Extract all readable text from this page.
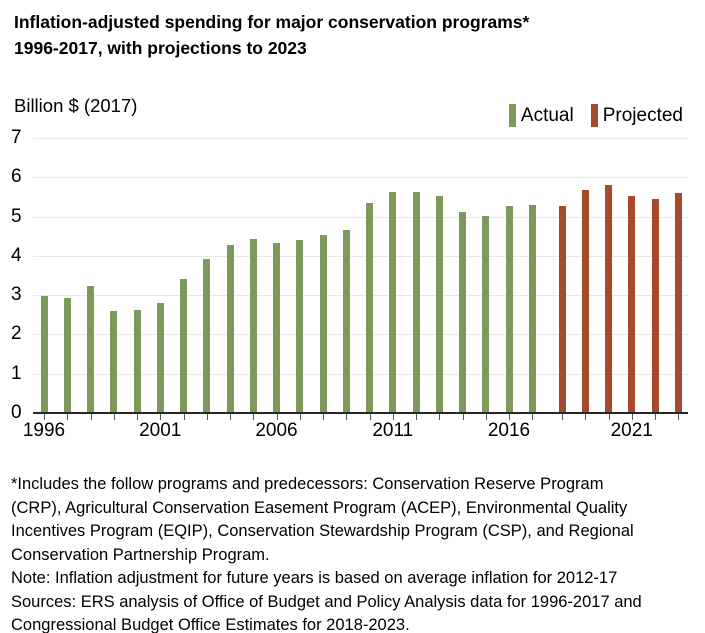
Inflation-adjusted spending for major conservation programs*
1996-2017, with projections to 2023
Billion $ (2017)	Actual Projected
*Includes the follow programs and predecessors: Conservation Reserve Program
(CRP), Agricultural Conservation Easement Program (ACEP), Environmental Quality
Incentives Program (EQIP), Conservation Stewardship Program (CSP), and Regional
Conservation Partnership Program.
Note: Inflation adjustment for future years is based on average inflation for 2012-17
Sources: ERS analysis of Office of Budget and Policy Analysis data for 1996-2017 and
Congressional Budget Office Estimates for 2018-2023.
0
1
2
3
4
5
6
7
1996	2001	2006	2011	2016	2021
